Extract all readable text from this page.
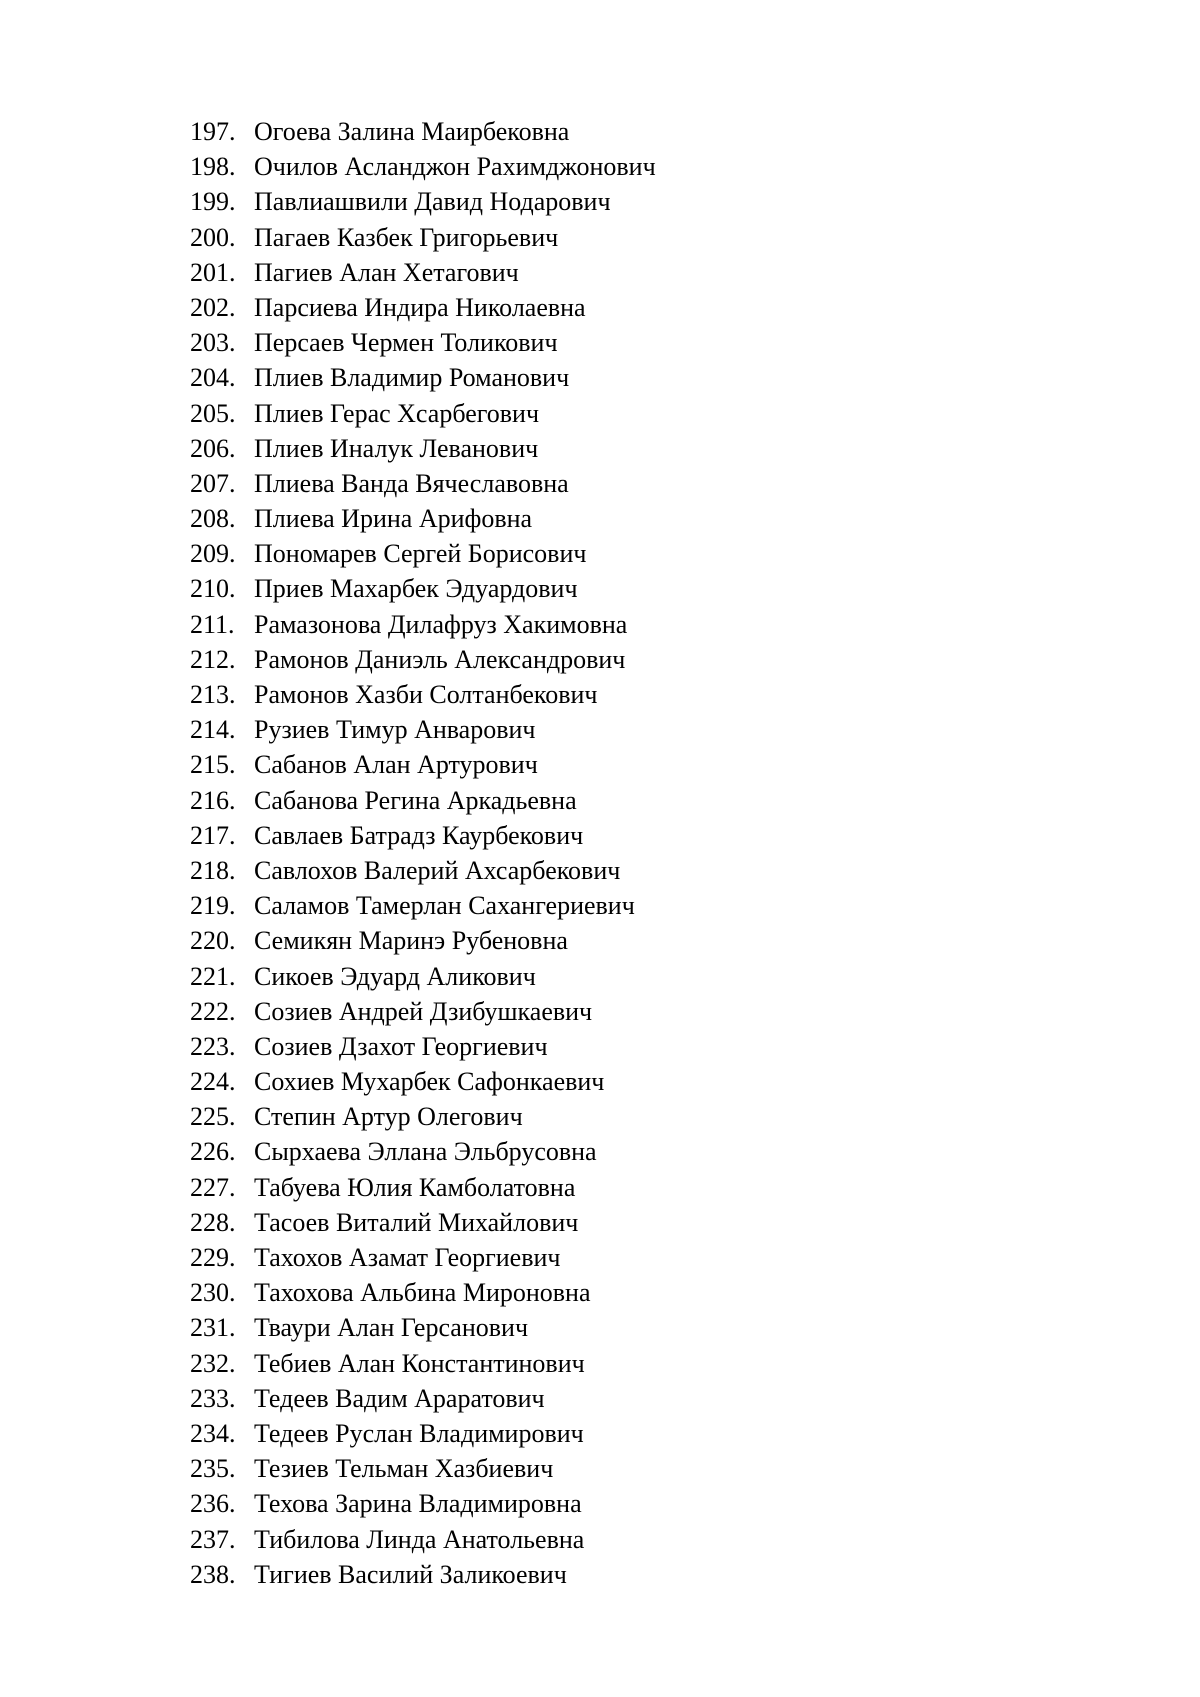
197. Огоева Залина Маирбековна
198. Очилов Асланджон Рахимджонович
199. Павлиашвили Давид Нодарович
200. Пагаев Казбек Григорьевич
201. Пагиев Алан Хетагович
202. Парсиева Индира Николаевна
203. Персаев Чермен Толикович
204. Плиев Владимир Романович
205. Плиев Герас Хсарбегович
206. Плиев Иналук Леванович
207. Плиева Ванда Вячеславовна
208. Плиева Ирина Арифовна
209. Пономарев Сергей Борисович
210. Приев Махарбек Эдуардович
211. Рамазонова Дилафруз Хакимовна
212. Рамонов Даниэль Александрович
213. Рамонов Хазби Солтанбекович
214. Рузиев Тимур Анварович
215. Сабанов Алан Артурович
216. Сабанова Регина Аркадьевна
217. Савлаев Батрадз Каурбекович
218. Савлохов Валерий Ахсарбекович
219. Саламов Тамерлан Сахангериевич
220. Семикян Маринэ Рубеновна
221. Сикоев Эдуард Аликович
222. Созиев Андрей Дзибушкаевич
223. Созиев Дзахот Георгиевич
224. Сохиев Мухарбек Сафонкаевич
225. Степин Артур Олегович
226. Сырхаева Эллана Эльбрусовна
227. Табуева Юлия Камболатовна
228. Тасоев Виталий Михайлович
229. Тахохов Азамат Георгиевич
230. Тахохова Альбина Мироновна
231. Тваури Алан Герсанович
232. Тебиев Алан Константинович
233. Тедеев Вадим Араратович
234. Тедеев Руслан Владимирович
235. Тезиев Тельман Хазбиевич
236. Техова Зарина Владимировна
237. Тибилова Линда Анатольевна
238. Тигиев Василий Заликоевич
